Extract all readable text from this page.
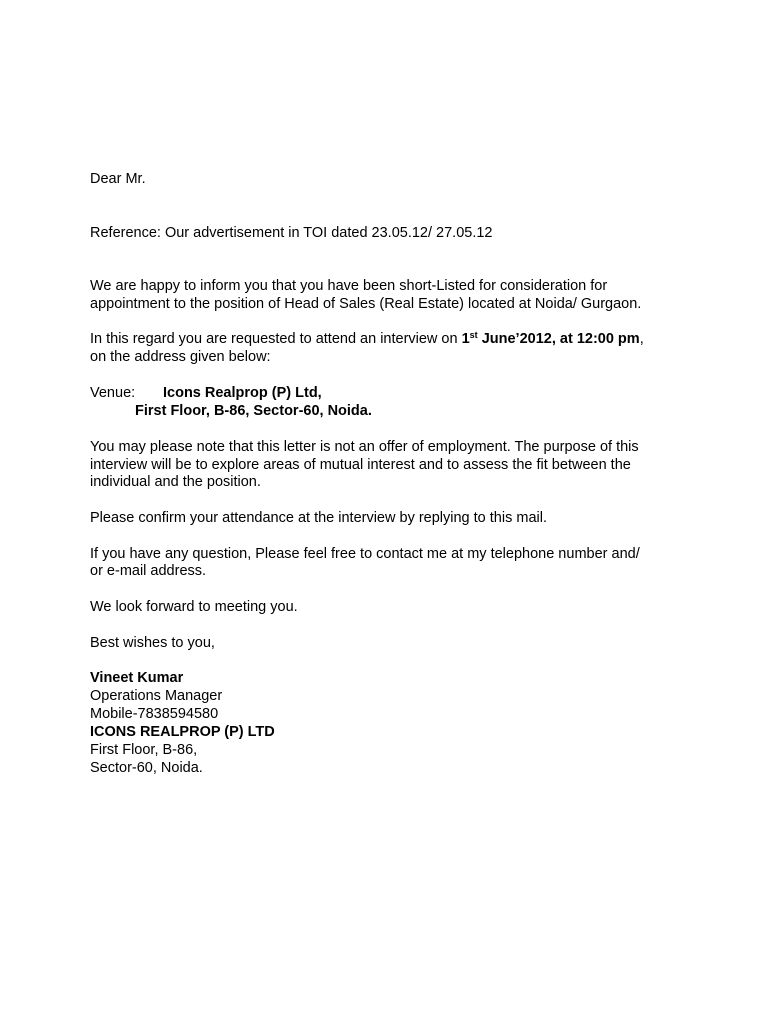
Dear Mr.
Reference: Our advertisement in TOI dated 23.05.12/ 27.05.12
We are happy to inform you that you have been short-Listed for consideration for
appointment to the position of Head of Sales (Real Estate) located at Noida/ Gurgaon.
In this regard you are requested to attend an interview on 1st June’2012, at 12:00 pm,
on the address given below:
Venue: Icons Realprop (P) Ltd,
First Floor, B-86, Sector-60, Noida.
You may please note that this letter is not an offer of employment. The purpose of this
interview will be to explore areas of mutual interest and to assess the fit between the
individual and the position.
Please confirm your attendance at the interview by replying to this mail.
If you have any question, Please feel free to contact me at my telephone number and/
or e-mail address.
We look forward to meeting you.
Best wishes to you,
Vineet Kumar
Operations Manager
Mobile-7838594580
ICONS REALPROP (P) LTD
First Floor, B-86,
Sector-60, Noida.
